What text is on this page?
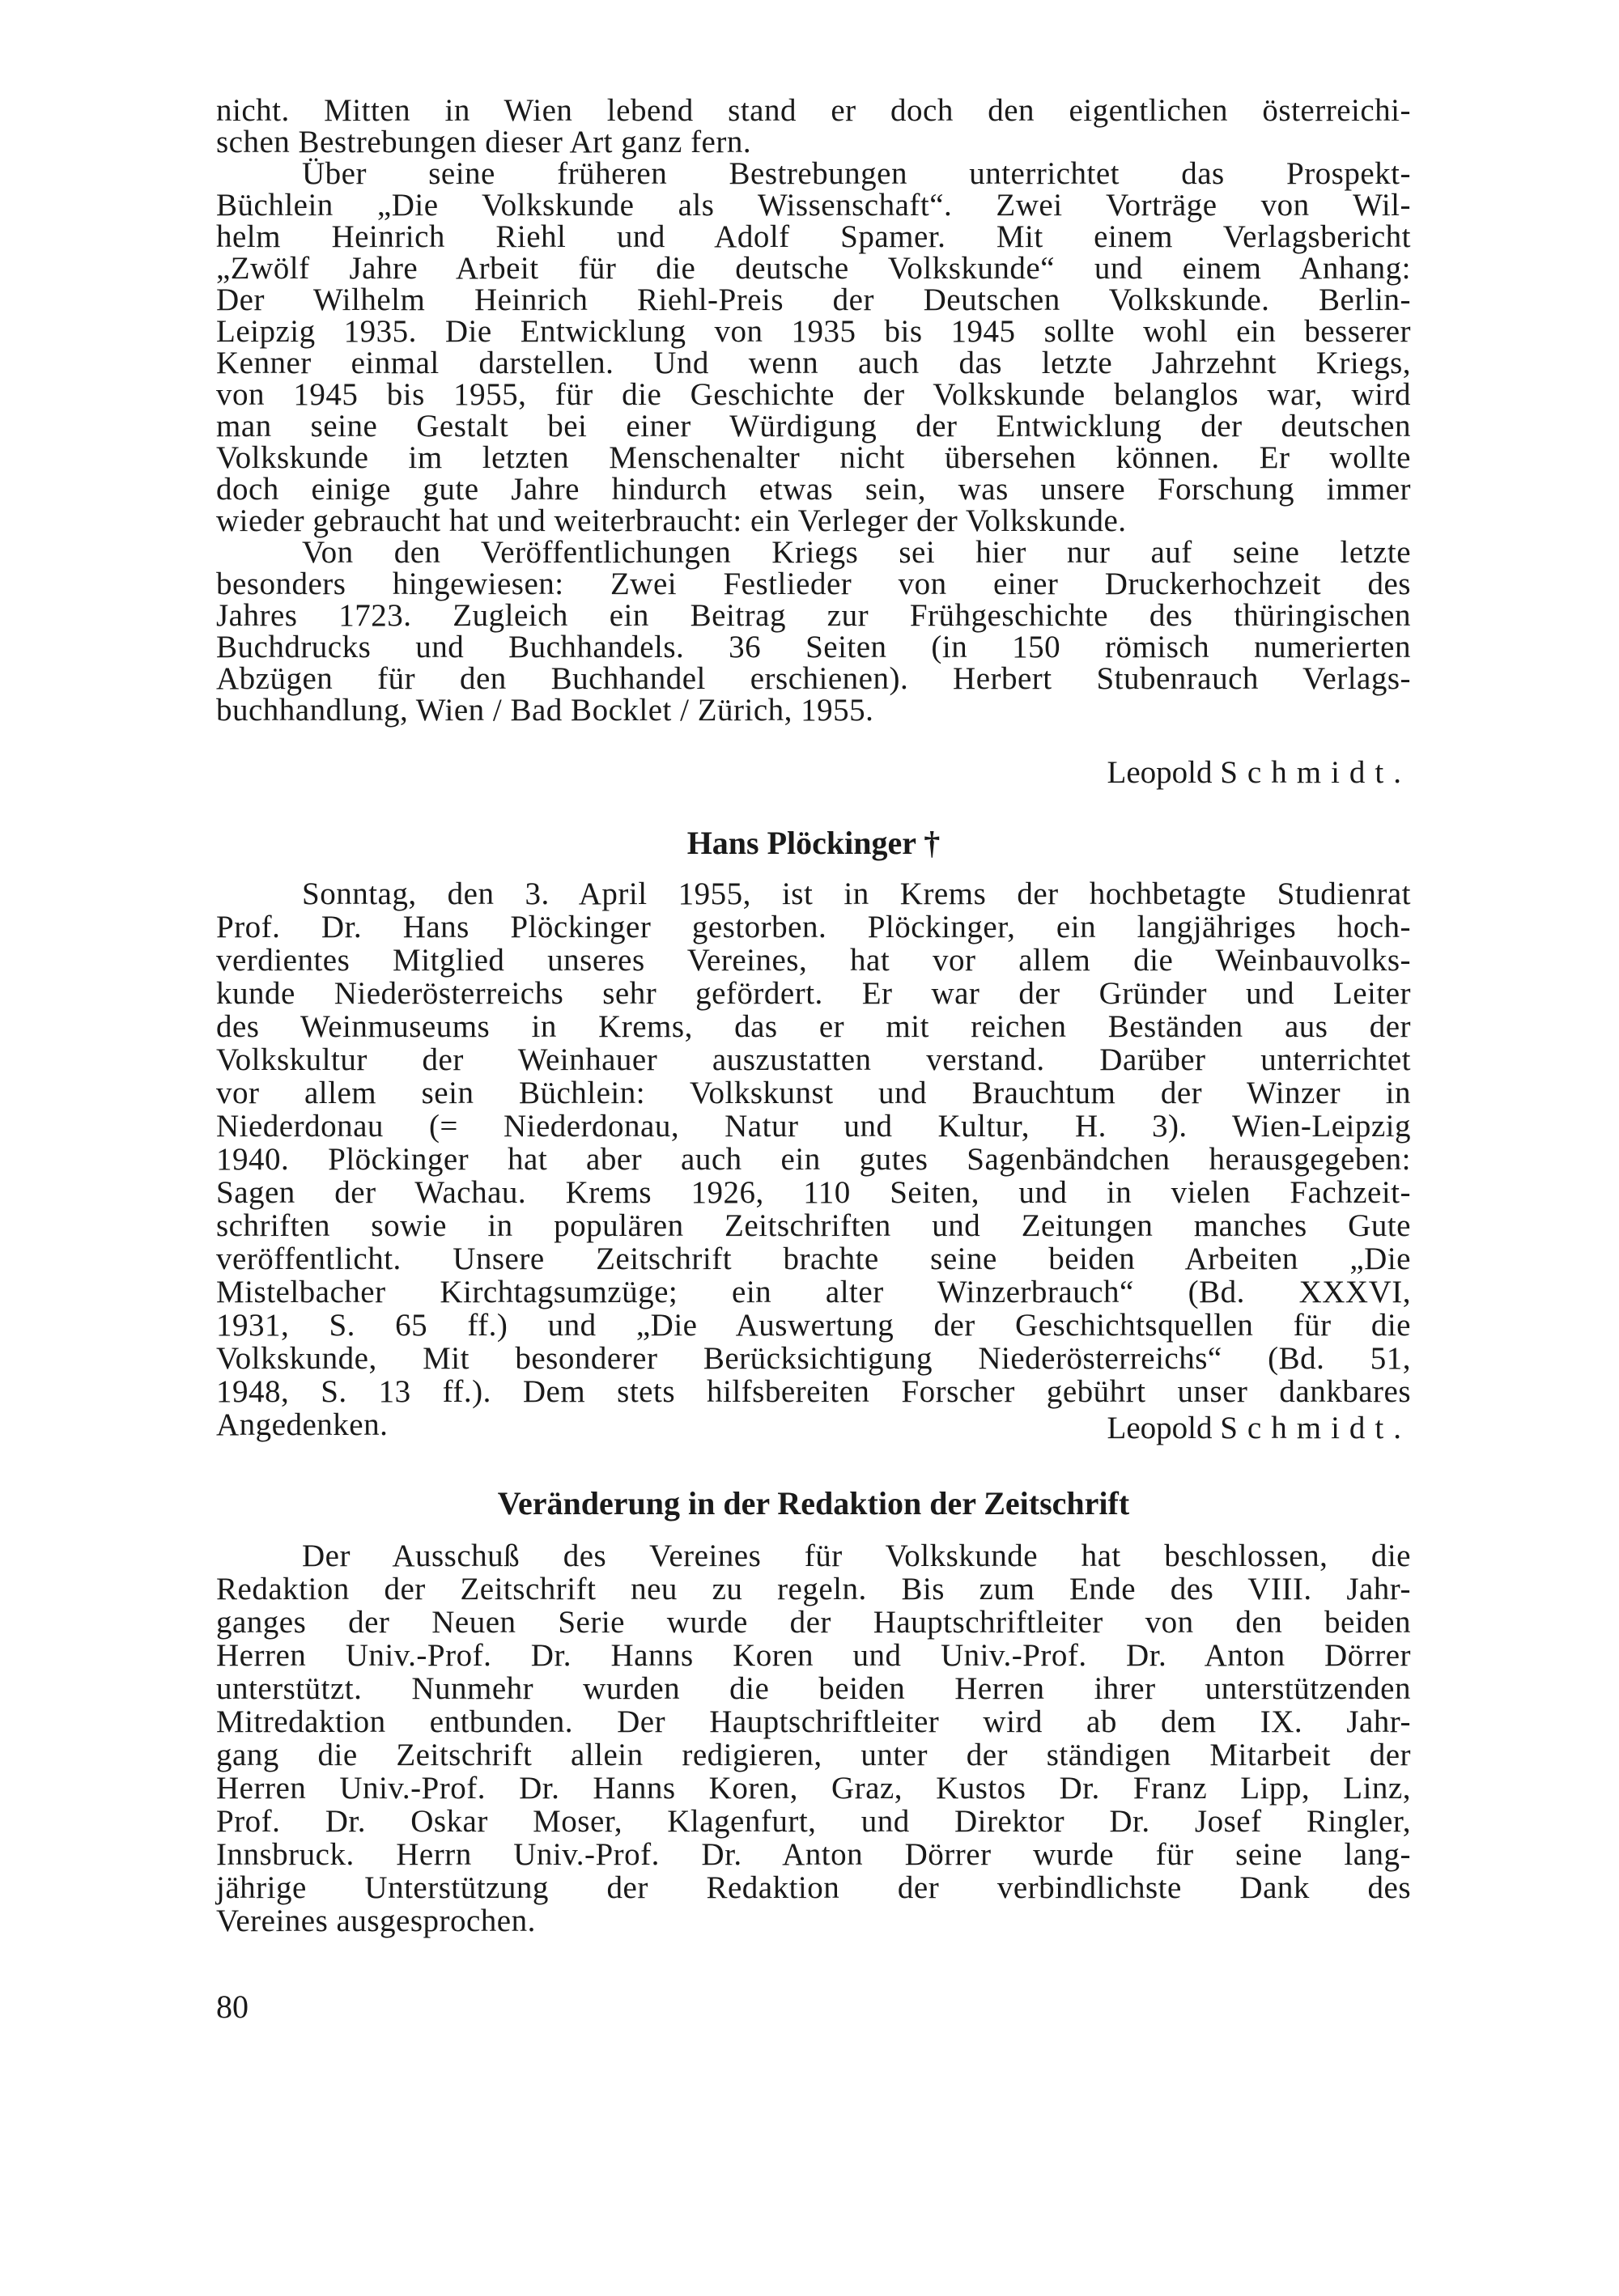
nicht. Mitten in Wien lebend stand er doch den eigentlichen österreichi-
schen Bestrebungen dieser Art ganz fern.
Über seine früheren Bestrebungen unterrichtet das Prospekt-
Büchlein „Die Volkskunde als Wissenschaft“. Zwei Vorträge von Wil-
helm Heinrich Riehl und Adolf Spamer. Mit einem Verlagsbericht
„Zwölf Jahre Arbeit für die deutsche Volkskunde“ und einem Anhang:
Der Wilhelm Heinrich Riehl-Preis der Deutschen Volkskunde. Berlin-
Leipzig 1935. Die Entwicklung von 1935 bis 1945 sollte wohl ein besserer
Kenner einmal darstellen. Und wenn auch das letzte Jahrzehnt Kriegs,
von 1945 bis 1955, für die Geschichte der Volkskunde belanglos war, wird
man seine Gestalt bei einer Würdigung der Entwicklung der deutschen
Volkskunde im letzten Menschenalter nicht übersehen können. Er wollte
doch einige gute Jahre hindurch etwas sein, was unsere Forschung immer
wieder gebraucht hat und weiterbraucht: ein Verleger der Volkskunde.
Von den Veröffentlichungen Kriegs sei hier nur auf seine letzte
besonders hingewiesen: Zwei Festlieder von einer Druckerhochzeit des
Jahres 1723. Zugleich ein Beitrag zur Frühgeschichte des thüringischen
Buchdrucks und Buchhandels. 36 Seiten (in 150 römisch numerierten
Abzügen für den Buchhandel erschienen). Herbert Stubenrauch Verlags-
buchhandlung, Wien / Bad Bocklet / Zürich, 1955.
Leopold Schmidt.
Hans Plöckinger †
Sonntag, den 3. April 1955, ist in Krems der hochbetagte Studienrat
Prof. Dr. Hans Plöckinger gestorben. Plöckinger, ein langjähriges hoch-
verdientes Mitglied unseres Vereines, hat vor allem die Weinbauvolks-
kunde Niederösterreichs sehr gefördert. Er war der Gründer und Leiter
des Weinmuseums in Krems, das er mit reichen Beständen aus der
Volkskultur der Weinhauer auszustatten verstand. Darüber unterrichtet
vor allem sein Büchlein: Volkskunst und Brauchtum der Winzer in
Niederdonau (= Niederdonau, Natur und Kultur, H. 3). Wien-Leipzig
1940. Plöckinger hat aber auch ein gutes Sagenbändchen herausgegeben:
Sagen der Wachau. Krems 1926, 110 Seiten, und in vielen Fachzeit-
schriften sowie in populären Zeitschriften und Zeitungen manches Gute
veröffentlicht. Unsere Zeitschrift brachte seine beiden Arbeiten „Die
Mistelbacher Kirchtagsumzüge; ein alter Winzerbrauch“ (Bd. XXXVI,
1931, S. 65 ff.) und „Die Auswertung der Geschichtsquellen für die
Volkskunde, Mit besonderer Berücksichtigung Niederösterreichs“ (Bd. 51,
1948, S. 13 ff.). Dem stets hilfsbereiten Forscher gebührt unser dankbares
Angedenken.	Leopold Schmidt.
Veränderung in der Redaktion der Zeitschrift
Der Ausschuß des Vereines für Volkskunde hat beschlossen, die
Redaktion der Zeitschrift neu zu regeln. Bis zum Ende des VIII. Jahr-
ganges der Neuen Serie wurde der Hauptschriftleiter von den beiden
Herren Univ.-Prof. Dr. Hanns Koren und Univ.-Prof. Dr. Anton Dörrer
unterstützt. Nunmehr wurden die beiden Herren ihrer unterstützenden
Mitredaktion entbunden. Der Hauptschriftleiter wird ab dem IX. Jahr-
gang die Zeitschrift allein redigieren, unter der ständigen Mitarbeit der
Herren Univ.-Prof. Dr. Hanns Koren, Graz, Kustos Dr. Franz Lipp, Linz,
Prof. Dr. Oskar Moser, Klagenfurt, und Direktor Dr. Josef Ringler,
Innsbruck. Herrn Univ.-Prof. Dr. Anton Dörrer wurde für seine lang-
jährige Unterstützung der Redaktion der verbindlichste Dank des
Vereines ausgesprochen.
80
